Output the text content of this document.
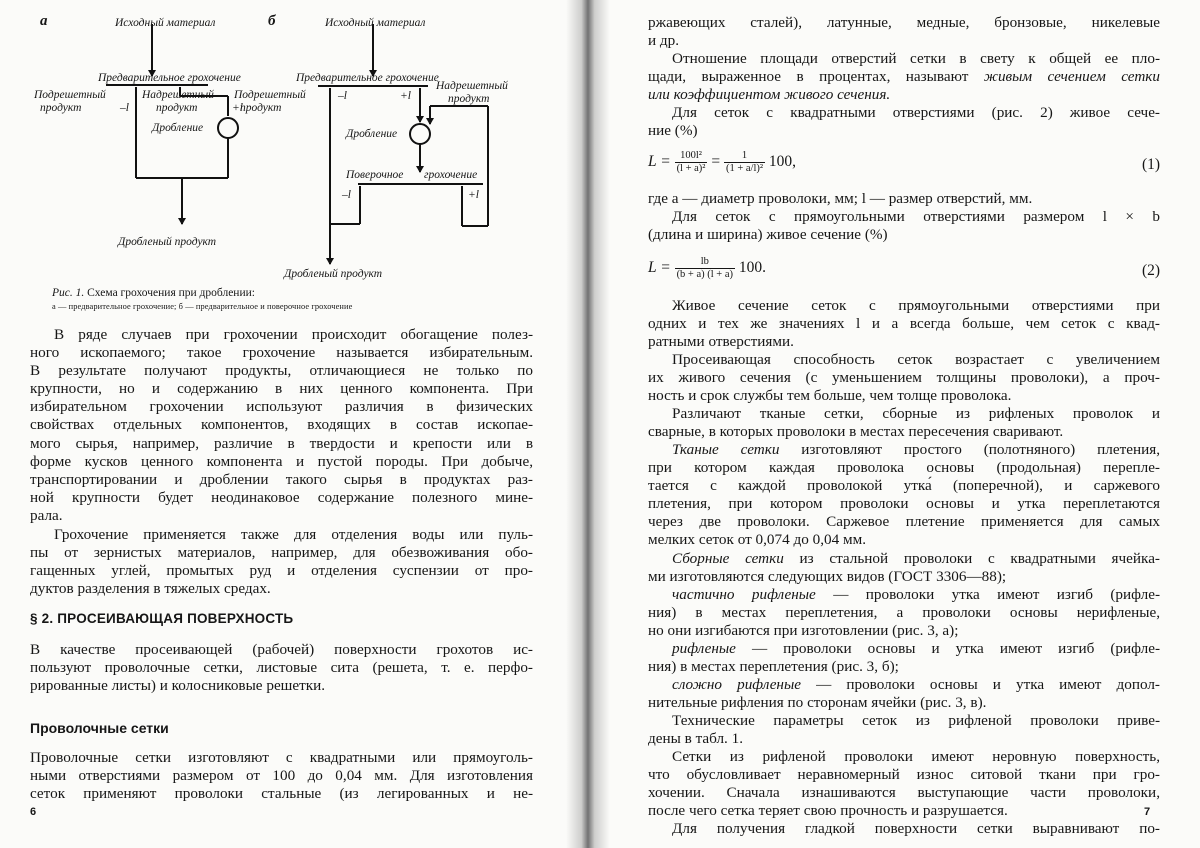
а	б
Исходный материал	Исходный материал
Предварительное грохочение	Предварительное грохочение
Подрешетный
продукт	–l
Надрешетный
продукт	+l
Подрешетный
продукт
–l	+l
Надрешетный
продукт
Дробление	Дробление
Поверочное грохочение
–l	+l
Дробленый продукт
Дробленый продукт
Рис. 1. Схема грохочения при дроблении:
а — предварительное грохочение; б — предварительное и поверочное грохочение
В ряде случаев при грохочении происходит обогащение полез-
ного ископаемого; такое грохочение называется избирательным.
В результате получают продукты, отличающиеся не только по
крупности, но и содержанию в них ценного компонента. При
избирательном грохочении используют различия в физических
свойствах отдельных компонентов, входящих в состав ископае-
мого сырья, например, различие в твердости и крепости или в
форме кусков ценного компонента и пустой породы. При добыче,
транспортировании и дроблении такого сырья в продуктах раз-
ной крупности будет неодинаковое содержание полезного мине-
рала.
Грохочение применяется также для отделения воды или пуль-
пы от зернистых материалов, например, для обезвоживания обо-
гащенных углей, промытых руд и отделения суспензии от про-
дуктов разделения в тяжелых средах.
§ 2. ПРОСЕИВАЮЩАЯ ПОВЕРХНОСТЬ
В качестве просеивающей (рабочей) поверхности грохотов ис-
пользуют проволочные сетки, листовые сита (решета, т. е. перфо-
рированные листы) и колосниковые решетки.
Проволочные сетки
Проволочные сетки изготовляют с квадратными или прямоуголь-
ными отверстиями размером от 100 до 0,04 мм. Для изготовления
сеток применяют проволоки стальные (из легированных и не-
6
ржавеющих сталей), латунные, медные, бронзовые, никелевые
и др.
Отношение площади отверстий сетки в свету к общей ее пло-
щади, выраженное в процентах, называют живым сечением сетки
или коэффициентом живого сечения.
Для сеток с квадратными отверстиями (рис. 2) живое сече-
ние (%)
$L = \frac{\text{100l²}}{\text{(l + a)²}} = \frac{1}{\text{(1 + a/l)²}} 100$,	(1)
где а — диаметр проволоки, мм; l — размер отверстий, мм.
Для сеток с прямоугольными отверстиями размером l × b
(длина и ширина) живое сечение (%)
$L = \frac{lb}{(b + a) (l + a)} 100$.	(2)
Живое сечение сеток с прямоугольными отверстиями при
одних и тех же значениях l и a всегда больше, чем сеток с квад-
ратными отверстиями.
Просеивающая способность сеток возрастает с увеличением
их живого сечения (с уменьшением толщины проволоки), а проч-
ность и срок службы тем больше, чем толще проволока.
Различают тканые сетки, сборные из рифленых проволок и
сварные, в которых проволоки в местах пересечения сваривают.
Тканые сетки изготовляют простого (полотняного) плетения,
при котором каждая проволока основы (продольная) перепле-
тается с каждой проволокой утка́ (поперечной), и саржевого
плетения, при котором проволоки основы и утка переплетаются
через две проволоки. Саржевое плетение применяется для самых
мелких сеток от 0,074 до 0,04 мм.
Сборные сетки из стальной проволоки с квадратными ячейка-
ми изготовляются следующих видов (ГОСТ 3306—88);
частично рифленые — проволоки утка имеют изгиб (рифле-
ния) в местах переплетения, а проволоки основы нерифленые,
но они изгибаются при изготовлении (рис. 3, а);
рифленые — проволоки основы и утка имеют изгиб (рифле-
ния) в местах переплетения (рис. 3, б);
сложно рифленые — проволоки основы и утка имеют допол-
нительные рифления по сторонам ячейки (рис. 3, в).
Технические параметры сеток из рифленой проволоки приве-
дены в табл. 1.
Сетки из рифленой проволоки имеют неровную поверхность,
что обусловливает неравномерный износ ситовой ткани при гро-
хочении. Сначала изнашиваются выступающие части проволоки,
после чего сетка теряет свою прочность и разрушается.
Для получения гладкой поверхности сетки выравнивают по-
7
